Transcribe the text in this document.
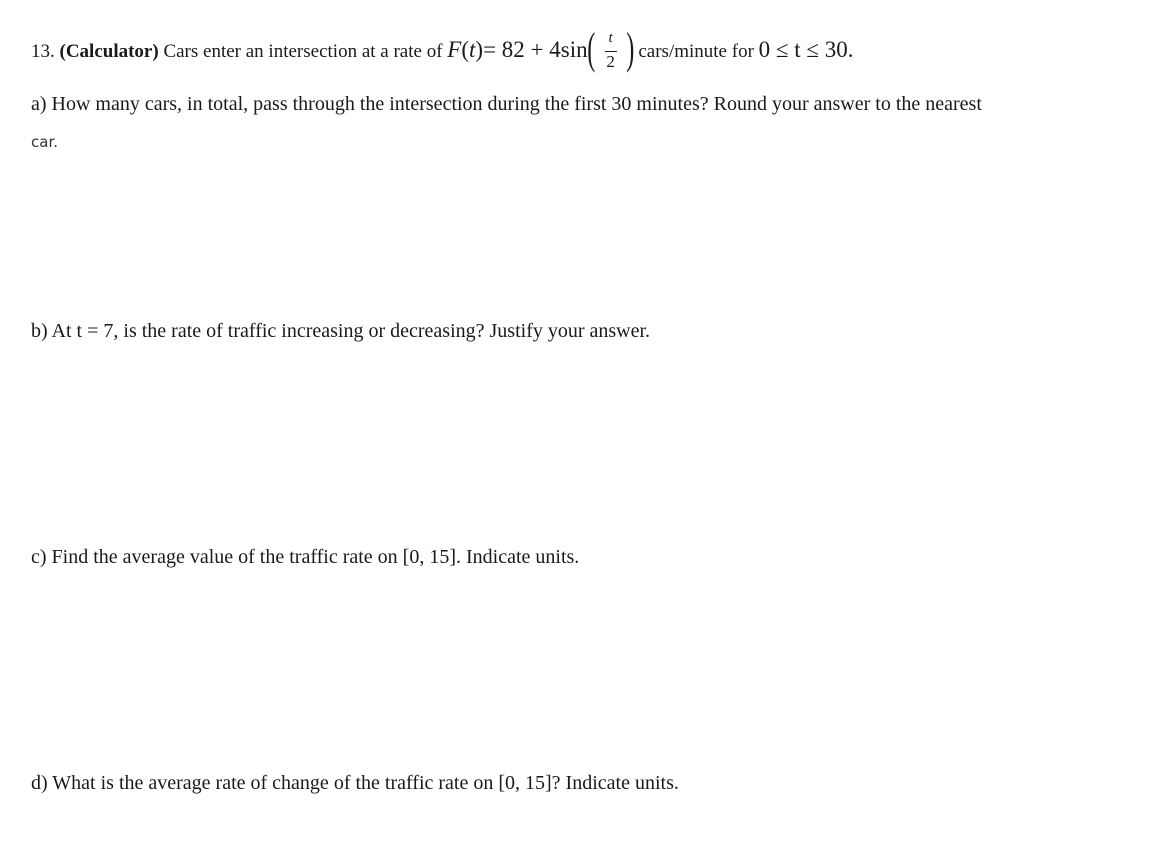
13. (Calculator) Cars enter an intersection at a rate of F(t)= 82 + 4sin ( t
2 ) cars/minute for 0 ≤ t ≤ 30.
a) How many cars, in total, pass through the intersection during the first 30 minutes? Round your answer to the nearest
car.
b) At t = 7, is the rate of traffic increasing or decreasing? Justify your answer.
c) Find the average value of the traffic rate on [0, 15]. Indicate units.
d) What is the average rate of change of the traffic rate on [0, 15]? Indicate units.
